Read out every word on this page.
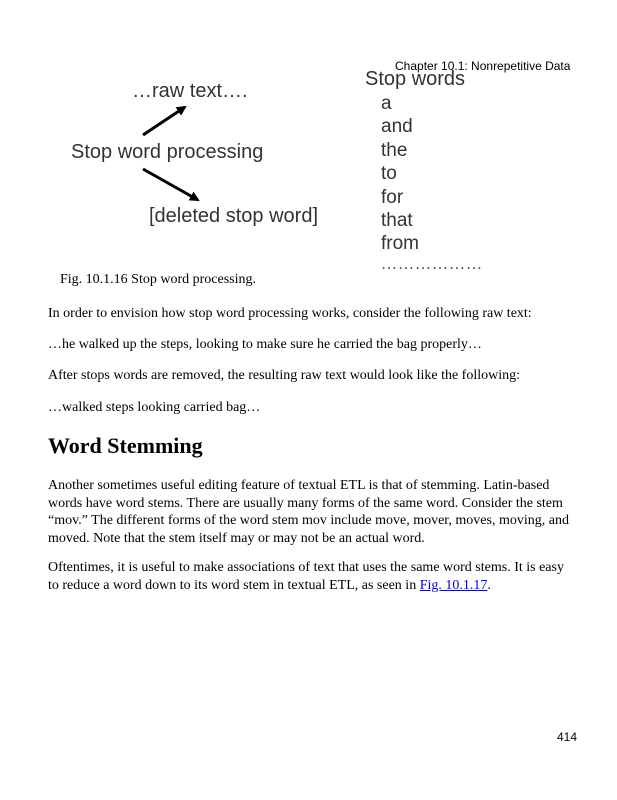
Chapter 10.1: Nonrepetitive Data
…raw text….
Stop word processing
[deleted stop word]
Stop words
a
and
the
to
for
that
from
………………
Fig. 10.1.16 Stop word processing.

In order to envision how stop word processing works, consider the following raw text:

…he walked up the steps, looking to make sure he carried the bag properly…

After stops words are removed, the resulting raw text would look like the following:

…walked steps looking carried bag…

Word Stemming

Another sometimes useful editing feature of textual ETL is that of stemming. Latin-based words have word stems. There are usually many forms of the same word. Consider the stem “mov.” The different forms of the word stem mov include move, mover, moves, moving, and moved. Note that the stem itself may or may not be an actual word.

Oftentimes, it is useful to make associations of text that uses the same word stems. It is easy to reduce a word down to its word stem in textual ETL, as seen in Fig. 10.1.17.

414
